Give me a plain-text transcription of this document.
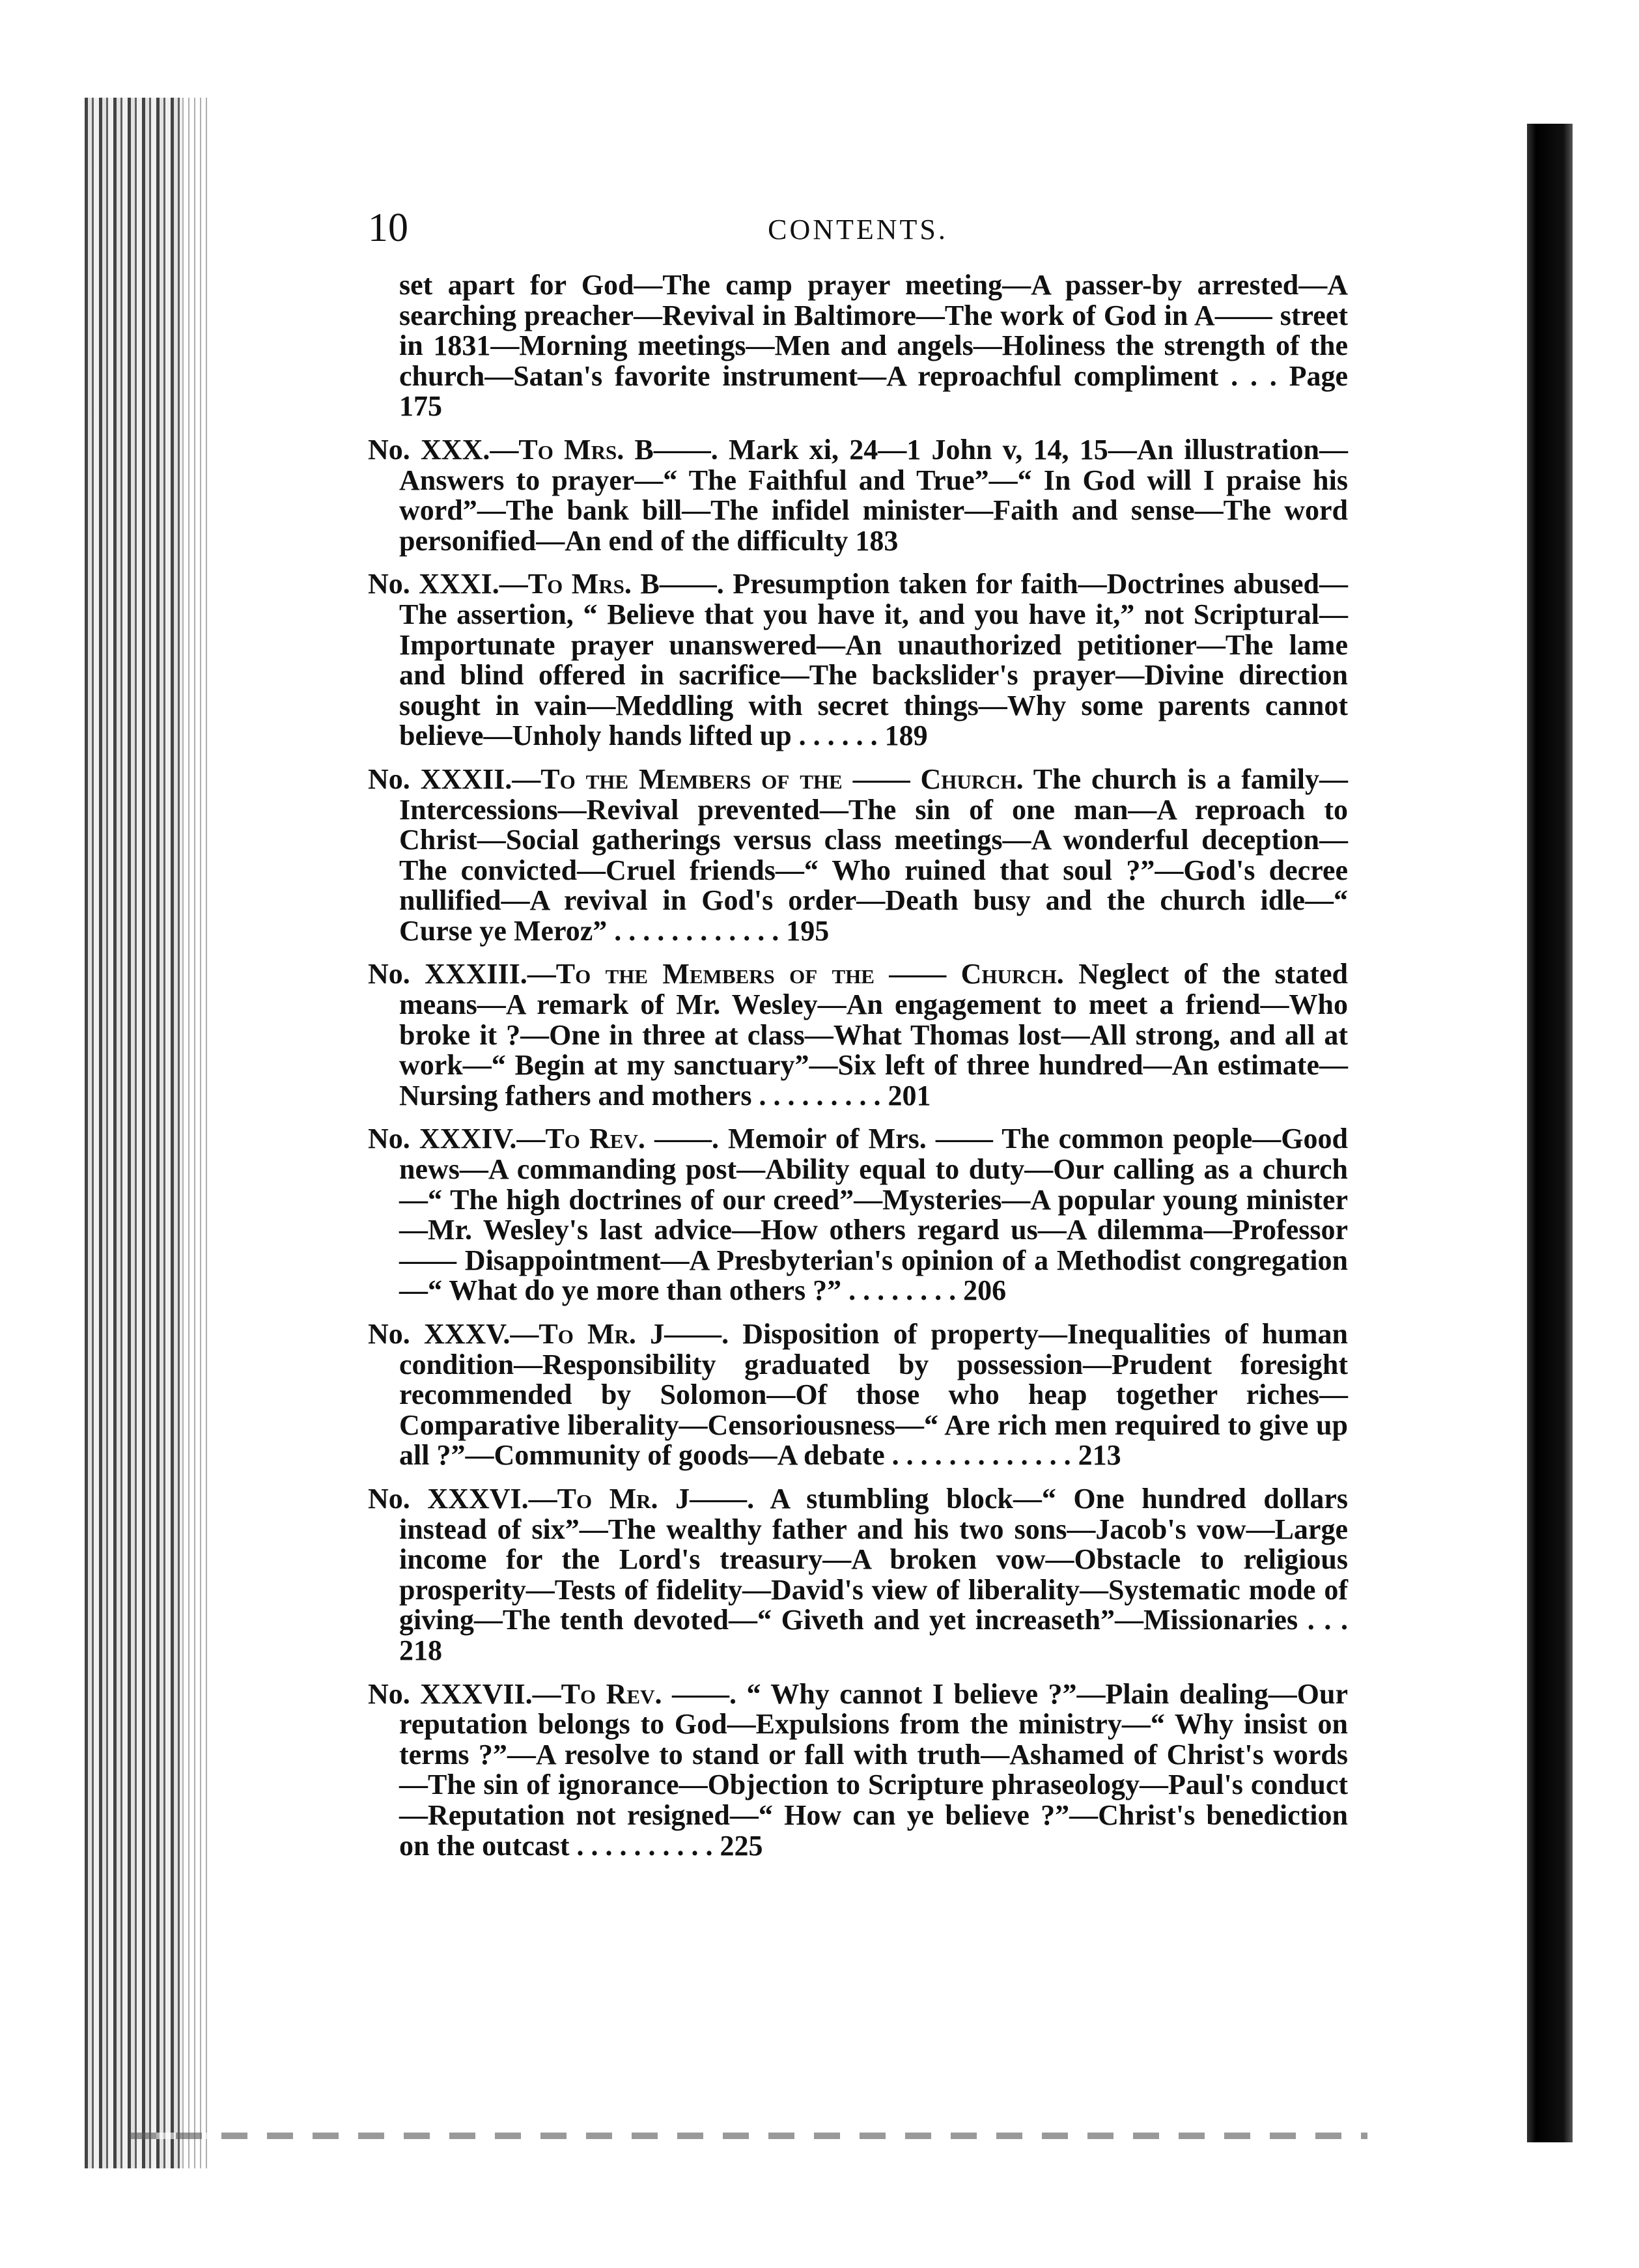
10	CONTENTS.

set apart for God—The camp prayer meeting—A passer-by arrested—A searching preacher—Revival in Baltimore—The work of God in A—— street in 1831—Morning meetings—Men and angels—Holiness the strength of the church—Satan's favorite instrument—A reproachful compliment . . . Page 175

No. XXX.—To Mrs. B——. Mark xi, 24—1 John v, 14, 15—An illustration—Answers to prayer—“ The Faithful and True”—“ In God will I praise his word”—The bank bill—The infidel minister—Faith and sense—The word personified—An end of the difficulty 183

No. XXXI.—To Mrs. B——. Presumption taken for faith—Doctrines abused—The assertion, “ Believe that you have it, and you have it,” not Scriptural—Importunate prayer unanswered—An unauthorized petitioner—The lame and blind offered in sacrifice—The backslider's prayer—Divine direction sought in vain—Meddling with secret things—Why some parents cannot believe—Unholy hands lifted up . . . . . . 189

No. XXXII.—To the Members of the —— Church. The church is a family—Intercessions—Revival prevented—The sin of one man—A reproach to Christ—Social gatherings versus class meetings—A wonderful deception—The convicted—Cruel friends—“ Who ruined that soul ?”—God's decree nullified—A revival in God's order—Death busy and the church idle—“ Curse ye Meroz” . . . . . . . . . . . . 195

No. XXXIII.—To the Members of the —— Church. Neglect of the stated means—A remark of Mr. Wesley—An engagement to meet a friend—Who broke it ?—One in three at class—What Thomas lost—All strong, and all at work—“ Begin at my sanctuary”—Six left of three hundred—An estimate—Nursing fathers and mothers . . . . . . . . . 201

No. XXXIV.—To Rev. ——. Memoir of Mrs. —— The common people—Good news—A commanding post—Ability equal to duty—Our calling as a church—“ The high doctrines of our creed”—Mysteries—A popular young minister—Mr. Wesley's last advice—How others regard us—A dilemma—Professor —— Disappointment—A Presbyterian's opinion of a Methodist congregation—“ What do ye more than others ?” . . . . . . . . 206

No. XXXV.—To Mr. J——. Disposition of property—Inequalities of human condition—Responsibility graduated by possession—Prudent foresight recommended by Solomon—Of those who heap together riches—Comparative liberality—Censoriousness—“ Are rich men required to give up all ?”—Community of goods—A debate . . . . . . . . . . . . . 213

No. XXXVI.—To Mr. J——. A stumbling block—“ One hundred dollars instead of six”—The wealthy father and his two sons—Jacob's vow—Large income for the Lord's treasury—A broken vow—Obstacle to religious prosperity—Tests of fidelity—David's view of liberality—Systematic mode of giving—The tenth devoted—“ Giveth and yet increaseth”—Missionaries . . . 218

No. XXXVII.—To Rev. ——. “ Why cannot I believe ?”—Plain dealing—Our reputation belongs to God—Expulsions from the ministry—“ Why insist on terms ?”—A resolve to stand or fall with truth—Ashamed of Christ's words—The sin of ignorance—Objection to Scripture phraseology—Paul's conduct—Reputation not resigned—“ How can ye believe ?”—Christ's benediction on the outcast . . . . . . . . . . 225
